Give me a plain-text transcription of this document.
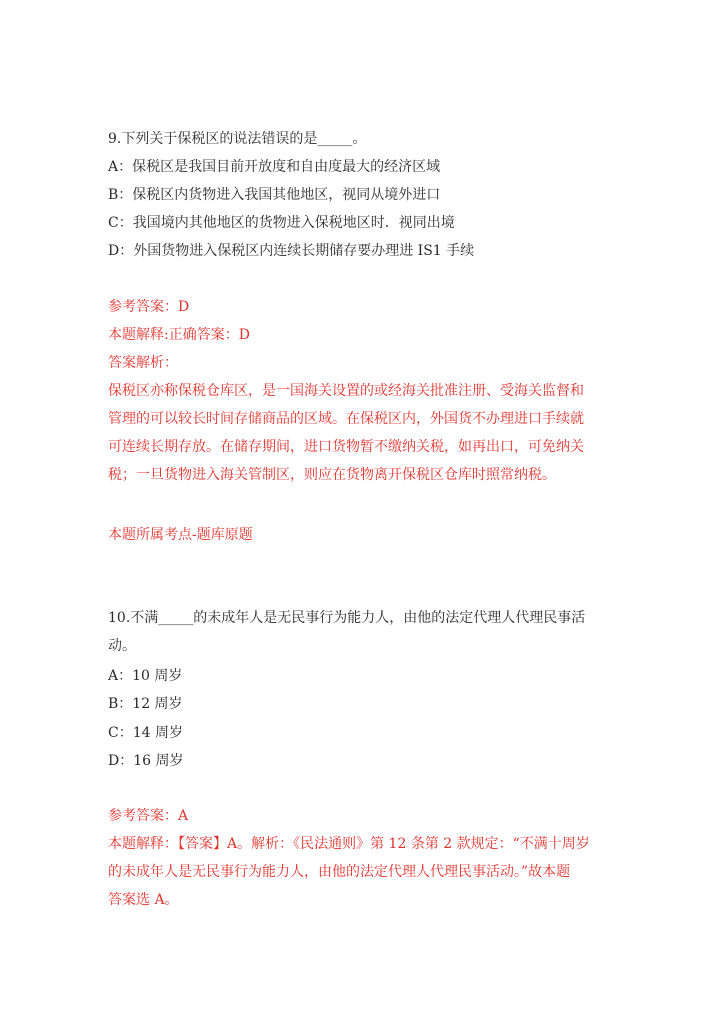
9.下列关于保税区的说法错误的是_____。
A：保税区是我国目前开放度和自由度最大的经济区域
B：保税区内货物进入我国其他地区，视同从境外进口
C：我国境内其他地区的货物进入保税地区时．视同出境
D：外国货物进入保税区内连续长期储存要办理进 IS1 手续
参考答案：D
本题解释:正确答案：D
答案解析：
保税区亦称保税仓库区，是一国海关设置的或经海关批准注册、受海关监督和
管理的可以较长时间存储商品的区域。在保税区内，外国货不办理进口手续就
可连续长期存放。在储存期间，进口货物暂不缴纳关税，如再出口，可免纳关
税；一旦货物进入海关管制区，则应在货物离开保税区仓库时照常纳税。
本题所属考点-题库原题
10.不满_____的未成年人是无民事行为能力人，由他的法定代理人代理民事活
动。
A：10 周岁
B：12 周岁
C：14 周岁
D：16 周岁
参考答案：A
本题解释：【答案】A。解析：《民法通则》第 12 条第 2 款规定：“不满十周岁
的未成年人是无民事行为能力人，由他的法定代理人代理民事活动。”故本题
答案选 A。
